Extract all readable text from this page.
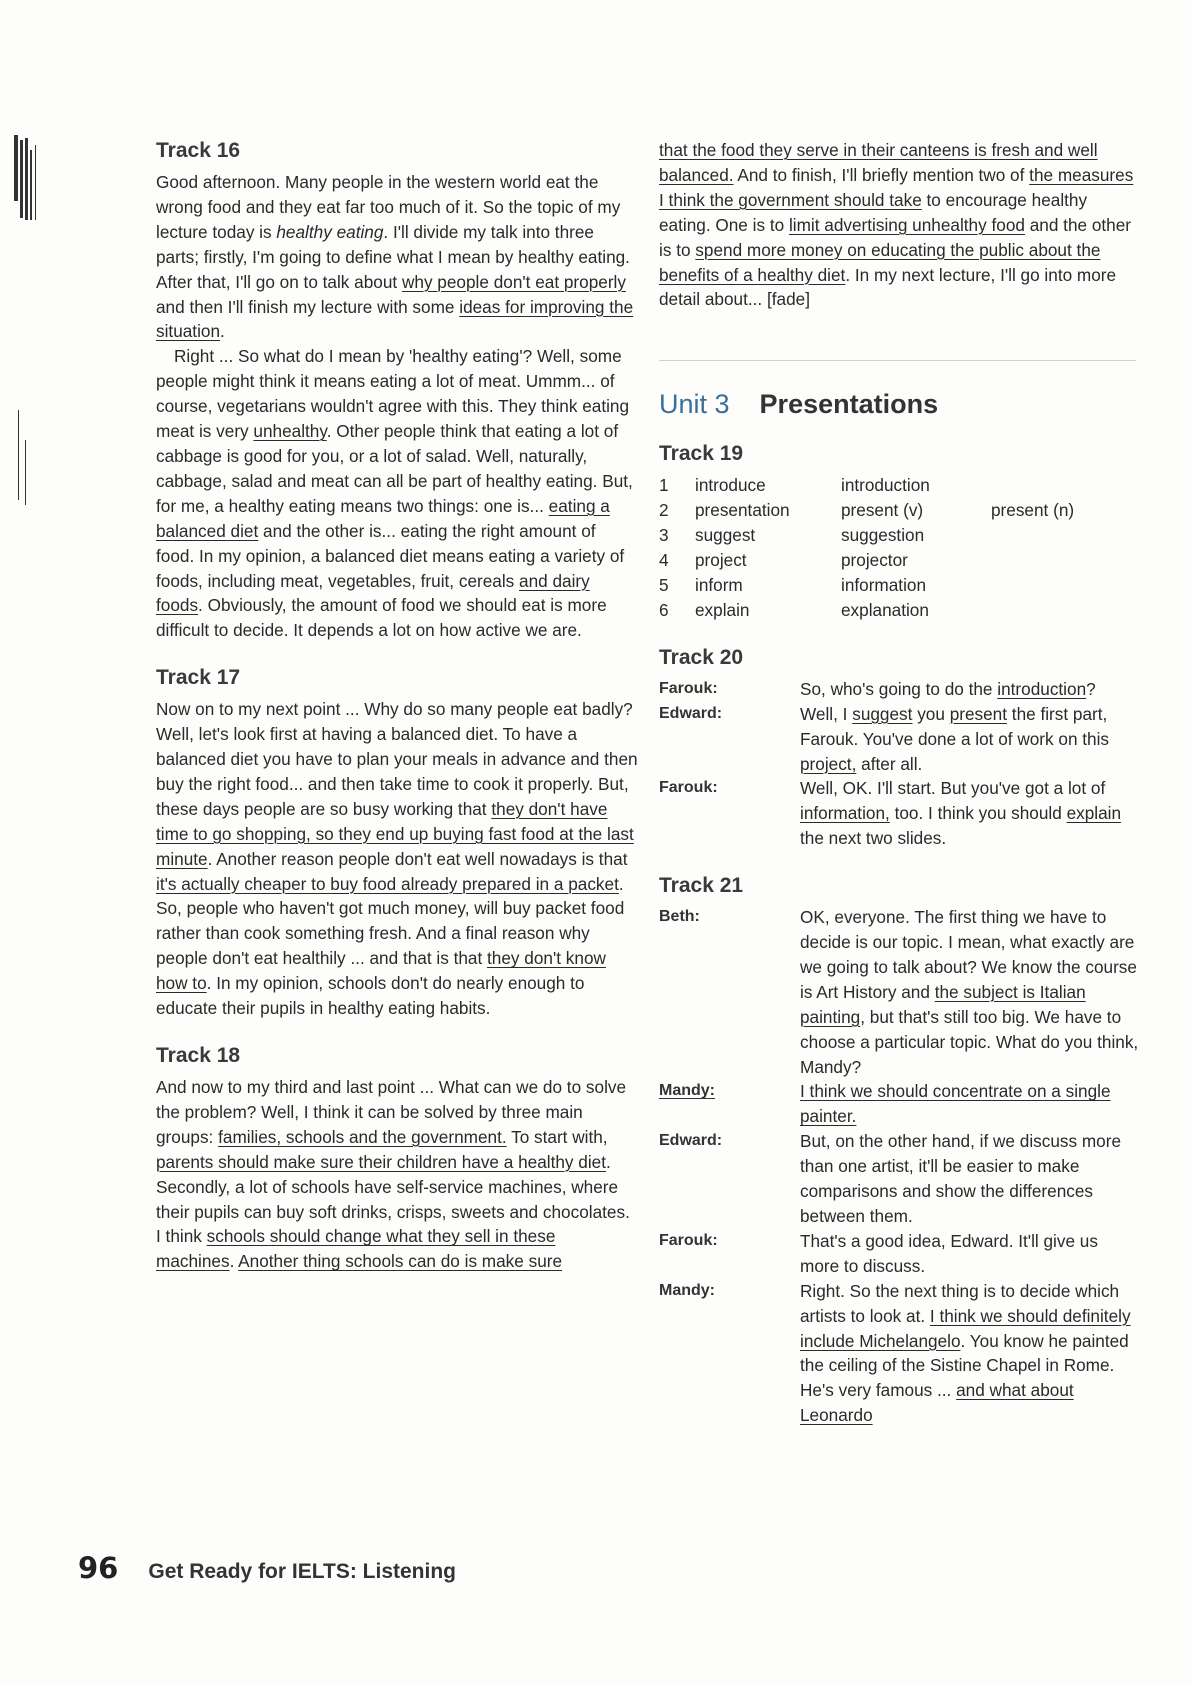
Track 16

Good afternoon. Many people in the western world eat the wrong food and they eat far too much of it. So the topic of my lecture today is healthy eating. I'll divide my talk into three parts; firstly, I'm going to define what I mean by healthy eating. After that, I'll go on to talk about why people don't eat properly and then I'll finish my lecture with some ideas for improving the situation.

Right ... So what do I mean by 'healthy eating'? Well, some people might think it means eating a lot of meat. Ummm... of course, vegetarians wouldn't agree with this. They think eating meat is very unhealthy. Other people think that eating a lot of cabbage is good for you, or a lot of salad. Well, naturally, cabbage, salad and meat can all be part of healthy eating. But, for me, a healthy eating means two things: one is... eating a balanced diet and the other is... eating the right amount of food. In my opinion, a balanced diet means eating a variety of foods, including meat, vegetables, fruit, cereals and dairy foods. Obviously, the amount of food we should eat is more difficult to decide. It depends a lot on how active we are.

Track 17

Now on to my next point ... Why do so many people eat badly? Well, let's look first at having a balanced diet. To have a balanced diet you have to plan your meals in advance and then buy the right food... and then take time to cook it properly. But, these days people are so busy working that they don't have time to go shopping, so they end up buying fast food at the last minute. Another reason people don't eat well nowadays is that it's actually cheaper to buy food already prepared in a packet. So, people who haven't got much money, will buy packet food rather than cook something fresh. And a final reason why people don't eat healthily ... and that is that they don't know how to. In my opinion, schools don't do nearly enough to educate their pupils in healthy eating habits.

Track 18

And now to my third and last point ... What can we do to solve the problem? Well, I think it can be solved by three main groups: families, schools and the government. To start with, parents should make sure their children have a healthy diet. Secondly, a lot of schools have self-service machines, where their pupils can buy soft drinks, crisps, sweets and chocolates. I think schools should change what they sell in these machines. Another thing schools can do is make sure

that the food they serve in their canteens is fresh and well balanced. And to finish, I'll briefly mention two of the measures I think the government should take to encourage healthy eating. One is to limit advertising unhealthy food and the other is to spend more money on educating the public about the benefits of a healthy diet. In my next lecture, I'll go into more detail about... [fade]

Unit 3 Presentations
Track 19
1	introduce	introduction
2	presentation	present (v)	present (n)
3	suggest	suggestion
4	project	projector
5	inform	information
6	explain	explanation
Track 20
Farouk:	So, who's going to do the introduction?

Edward:	Well, I suggest you present the first part, Farouk. You've done a lot of work on this project, after all.

Farouk:	Well, OK. I'll start. But you've got a lot of information, too. I think you should explain the next two slides.

Track 21
Beth:	OK, everyone. The first thing we have to decide is our topic. I mean, what exactly are we going to talk about? We know the course is Art History and the subject is Italian painting, but that's still too big. We have to choose a particular topic. What do you think, Mandy?

Mandy:	I think we should concentrate on a single painter.

Edward:	But, on the other hand, if we discuss more than one artist, it'll be easier to make comparisons and show the differences between them.

Farouk:	That's a good idea, Edward. It'll give us more to discuss.

Mandy:	Right. So the next thing is to decide which artists to look at. I think we should definitely include Michelangelo. You know he painted the ceiling of the Sistine Chapel in Rome. He's very famous ... and what about Leonardo

96 Get Ready for IELTS: Listening
